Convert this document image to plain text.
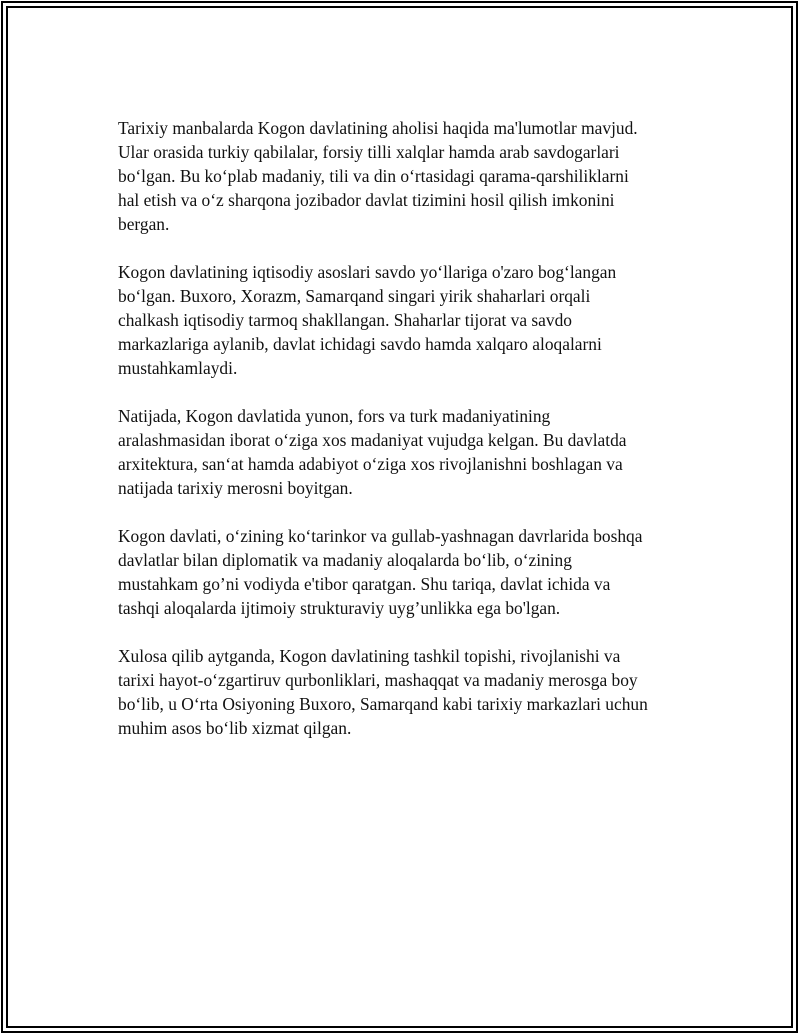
Tarixiy manbalarda Kogon davlatining aholisi haqida ma'lumotlar mavjud.
Ular orasida turkiy qabilalar, forsiy tilli xalqlar hamda arab savdogarlari
bo‘lgan. Bu ko‘plab madaniy, tili va din o‘rtasidagi qarama-qarshiliklarni
hal etish va o‘z sharqona jozibador davlat tizimini hosil qilish imkonini
bergan.

Kogon davlatining iqtisodiy asoslari savdo yo‘llariga o'zaro bog‘langan
bo‘lgan. Buxoro, Xorazm, Samarqand singari yirik shaharlari orqali
chalkash iqtisodiy tarmoq shakllangan. Shaharlar tijorat va savdo
markazlariga aylanib, davlat ichidagi savdo hamda xalqaro aloqalarni
mustahkamlaydi.

Natijada, Kogon davlatida yunon, fors va turk madaniyatining
aralashmasidan iborat o‘ziga xos madaniyat vujudga kelgan. Bu davlatda
arxitektura, san‘at hamda adabiyot o‘ziga xos rivojlanishni boshlagan va
natijada tarixiy merosni boyitgan.

Kogon davlati, o‘zining ko‘tarinkor va gullab-yashnagan davrlarida boshqa
davlatlar bilan diplomatik va madaniy aloqalarda bo‘lib, o‘zining
mustahkam go’ni vodiyda e'tibor qaratgan. Shu tariqa, davlat ichida va
tashqi aloqalarda ijtimoiy strukturaviy uyg’unlikka ega bo'lgan.

Xulosa qilib aytganda, Kogon davlatining tashkil topishi, rivojlanishi va
tarixi hayot-o‘zgartiruv qurbonliklari, mashaqqat va madaniy merosga boy
bo‘lib, u O‘rta Osiyoning Buxoro, Samarqand kabi tarixiy markazlari uchun
muhim asos bo‘lib xizmat qilgan.
